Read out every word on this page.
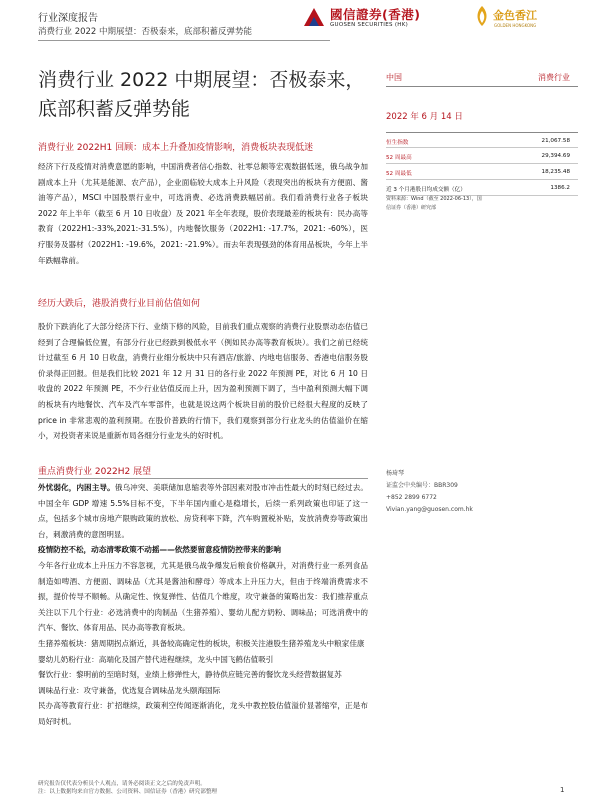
行业深度报告
消费行业 2022 中期展望：否极泰来，底部积蓄反弹势能
國信證券(香港)
GUOSEN SECURITIES (HK)
金色香江
GOLDEN HONGKONG
消费行业 2022 中期展望：否极泰来，底部积蓄反弹势能
消费行业 2022H1 回顾：成本上升叠加疫情影响，消费板块表现低迷
经济下行及疫情对消费意愿的影响，中国消费者信心指数、社零总额等宏观数据低迷，俄乌战争加剧成本上升（尤其是能源、农产品），企业面临较大成本上升风险（表现突出的板块有方便面、酱油等产品），MSCI 中国股票行业中，可选消费、必选消费跌幅居前。我们看消费行业各子板块 2022 年上半年（截至 6 月 10 日收盘）及 2021 年全年表现，股价表现最差的板块有：民办高等教育（2022H1:-33%,2021:-31.5%），内地餐饮服务（2022H1: -17.7%，2021: -60%），医疗服务及器材（2022H1: -19.6%，2021: -21.9%）。而去年表现强劲的体育用品板块，今年上半年跌幅靠前。
经历大跌后，港股消费行业目前估值如何
股价下跌消化了大部分经济下行、业绩下修的风险，目前我们重点观察的消费行业股票动态估值已经到了合理偏低位置，有部分行业已经跌到极低水平（例如民办高等教育板块）。我们之前已经统计过截至 6 月 10 日收盘，消费行业细分板块中只有酒店/旅游、内地电信服务、香港电信服务股价录得正回报。但是我们比较 2021 年 12 月 31 日的各行业 2022 年预测 PE，对比 6 月 10 日收盘的 2022 年预测 PE，不少行业估值反而上升，因为盈利预测下调了，当中盈利预测大幅下调的板块有内地餐饮、汽车及汽车零部件，也就是说这两个板块目前的股价已经很大程度的反映了 price in 非常悲观的盈利预期。在股价普跌的行情下，我们观察到部分行业龙头的估值溢价在缩小，对投资者来说是重新布局各细分行业龙头的好时机。
重点消费行业 2022H2 展望
外忧弱化，内困主导。俄乌冲突、美联储加息缩表等外部因素对股市冲击性最大的时刻已经过去。中国全年 GDP 增速 5.5%目标不变，下半年国内重心是稳增长，后续一系列政策也印证了这一点，包括多个城市房地产限购政策的放松、房贷利率下降，汽车购置税补贴，发放消费券等政策出台，刺激消费的意图明显。
疫情防控不松，动态清零政策不动摇——依然要留意疫情防控带来的影响
今年各行业成本上升压力不容忽视，尤其是俄乌战争爆发后粮食价格飙升，对消费行业一系列食品制造如啤酒、方便面、调味品（尤其是酱油和酵母）等成本上升压力大，但由于终端消费需求不振，提价传导不顺畅。从确定性、恢复弹性、估值几个维度，攻守兼备的策略出发：我们推荐重点关注以下几个行业：必选消费中的肉制品（生猪养殖）、婴幼儿配方奶粉、调味品；可选消费中的汽车、餐饮、体育用品、民办高等教育板块。
生猪养殖板块：猪周期拐点渐近，具备较高确定性的板块，积极关注港股生猪养殖龙头中粮家佳康
婴幼儿奶粉行业：高端化及国产替代进程继续，龙头中国飞鹤估值吸引
餐饮行业：黎明前的至暗时刻，业绩上修弹性大，静待供应链完善的餐饮龙头经营数据复苏
调味品行业：攻守兼备，优选复合调味品龙头颐海国际
民办高等教育行业：扩招继续，政策利空传闻逐渐消化，龙头中教控股估值溢价显著缩窄，正是布局好时机。
中国	消费行业
2022 年 6 月 14 日
恒生指数	21,067.58
52 周最高	29,394.69
52 周最低	18,235.48
近 3 个月港股日均成交额（亿）	1386.2
资料来源：Wind（截至 2022-06-13），国信证券（香港）研究部
杨琦琴
证监会中央编号：BBR309
+852 2899 6772
Vivian.yang@guosen.com.hk
研究报告仅代表分析员个人观点，请务必阅读正文之后的免责声明。
注：以上数据均来自官方数据、公司资料、国信证券（香港）研究部整理	1
